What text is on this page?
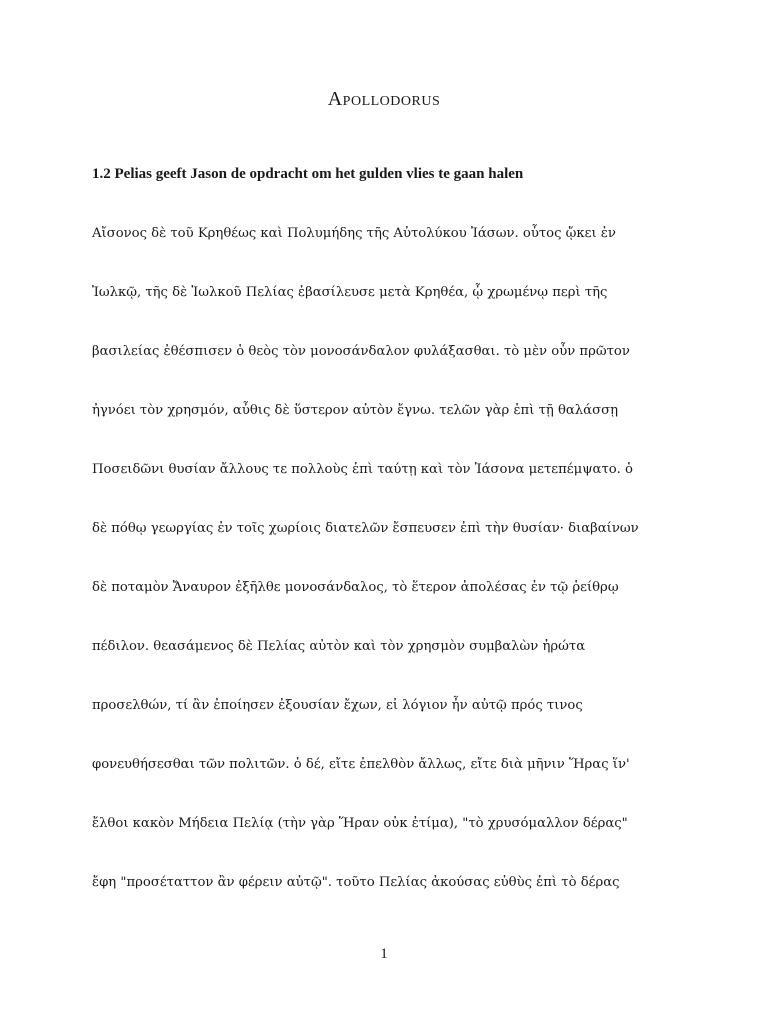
Apollodorus
1.2 Pelias geeft Jason de opdracht om het gulden vlies te gaan halen
Αἴσονος δὲ τοῦ Κρηθέως καὶ Πολυμήδης τῆς Αὐτολύκου Ἰάσων. οὗτος ᾤκει ἐν
Ἰωλκῷ, τῆς δὲ Ἰωλκοῦ Πελίας ἐβασίλευσε μετὰ Κρηθέα, ᾧ χρωμένῳ περὶ τῆς
βασιλείας ἐθέσπισεν ὁ θεὸς τὸν μονοσάνδαλον φυλάξασθαι. τὸ μὲν οὖν πρῶτον
ἠγνόει τὸν χρησμόν, αὖθις δὲ ὕστερον αὐτὸν ἔγνω. τελῶν γὰρ ἐπὶ τῇ θαλάσσῃ
Ποσειδῶνι θυσίαν ἄλλους τε πολλοὺς ἐπὶ ταύτῃ καὶ τὸν Ἰάσονα μετεπέμψατο. ὁ
δὲ πόθῳ γεωργίας ἐν τοῖς χωρίοις διατελῶν ἔσπευσεν ἐπὶ τὴν θυσίαν· διαβαίνων
δὲ ποταμὸν Ἄναυρον ἐξῆλθε μονοσάνδαλος, τὸ ἕτερον ἀπολέσας ἐν τῷ ῥείθρῳ
πέδιλον. θεασάμενος δὲ Πελίας αὐτὸν καὶ τὸν χρησμὸν συμβαλὼν ἠρώτα
προσελθών, τί ἂν ἐποίησεν ἐξουσίαν ἔχων, εἰ λόγιον ἦν αὐτῷ πρός τινος
φονευθήσεσθαι τῶν πολιτῶν. ὁ δέ, εἴτε ἐπελθὸν ἄλλως, εἴτε διὰ μῆνιν Ἥρας ἵν'
ἔλθοι κακὸν Μήδεια Πελίᾳ (τὴν γὰρ Ἥραν οὐκ ἐτίμα), "τὸ χρυσόμαλλον δέρας"
ἔφη "προσέταττον ἂν φέρειν αὐτῷ". τοῦτο Πελίας ἀκούσας εὐθὺς ἐπὶ τὸ δέρας
1
